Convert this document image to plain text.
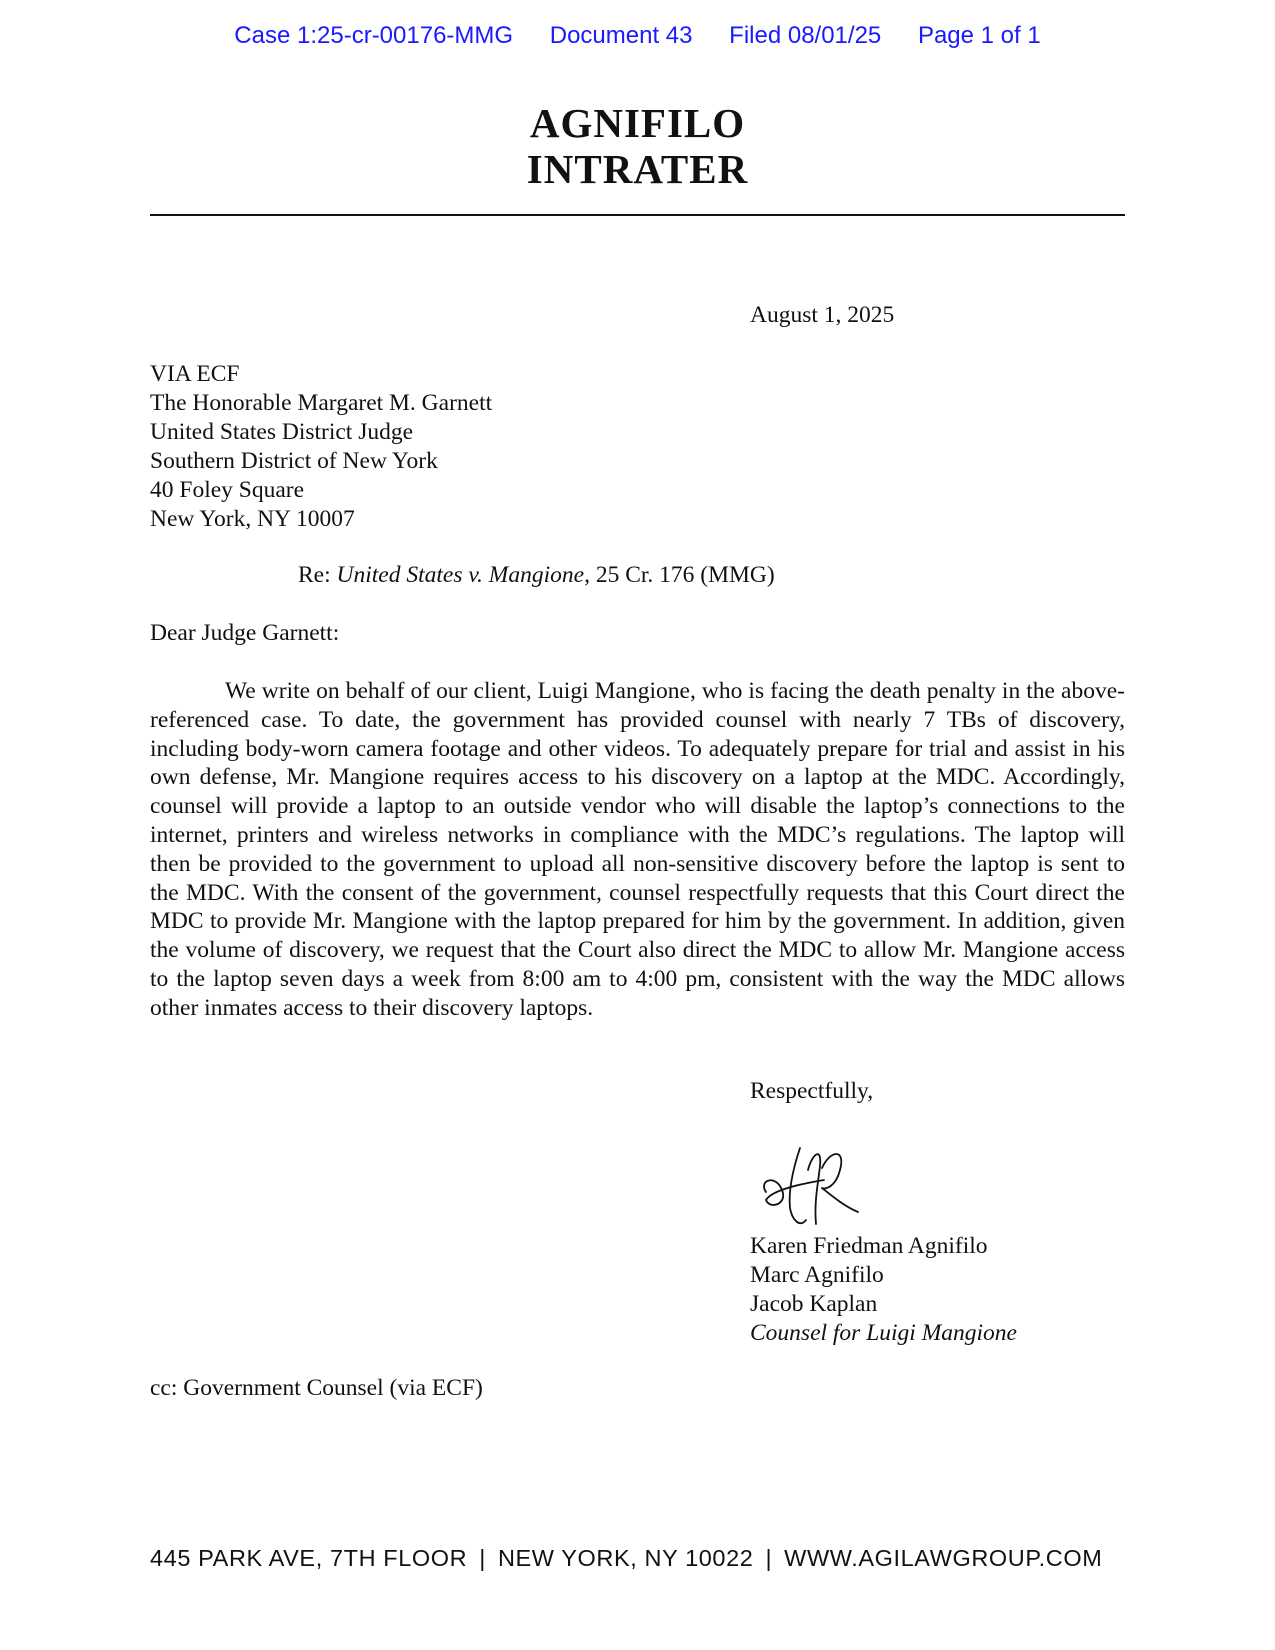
Case 1:25-cr-00176-MMG Document 43 Filed 08/01/25 Page 1 of 1
AGNIFILO
INTRATER
August 1, 2025
VIA ECF
The Honorable Margaret M. Garnett
United States District Judge
Southern District of New York
40 Foley Square
New York, NY 10007
Re: United States v. Mangione, 25 Cr. 176 (MMG)
Dear Judge Garnett:
We write on behalf of our client, Luigi Mangione, who is facing the death penalty in the above-referenced case. To date, the government has provided counsel with nearly 7 TBs of discovery, including body-worn camera footage and other videos. To adequately prepare for trial and assist in his own defense, Mr. Mangione requires access to his discovery on a laptop at the MDC. Accordingly, counsel will provide a laptop to an outside vendor who will disable the laptop’s connections to the internet, printers and wireless networks in compliance with the MDC’s regulations. The laptop will then be provided to the government to upload all non-sensitive discovery before the laptop is sent to the MDC. With the consent of the government, counsel respectfully requests that this Court direct the MDC to provide Mr. Mangione with the laptop prepared for him by the government. In addition, given the volume of discovery, we request that the Court also direct the MDC to allow Mr. Mangione access to the laptop seven days a week from 8:00 am to 4:00 pm, consistent with the way the MDC allows other inmates access to their discovery laptops.
Respectfully,
Karen Friedman Agnifilo
Marc Agnifilo
Jacob Kaplan
Counsel for Luigi Mangione
cc: Government Counsel (via ECF)
445 PARK AVE, 7TH FLOOR | NEW YORK, NY 10022 | WWW.AGILAWGROUP.COM
